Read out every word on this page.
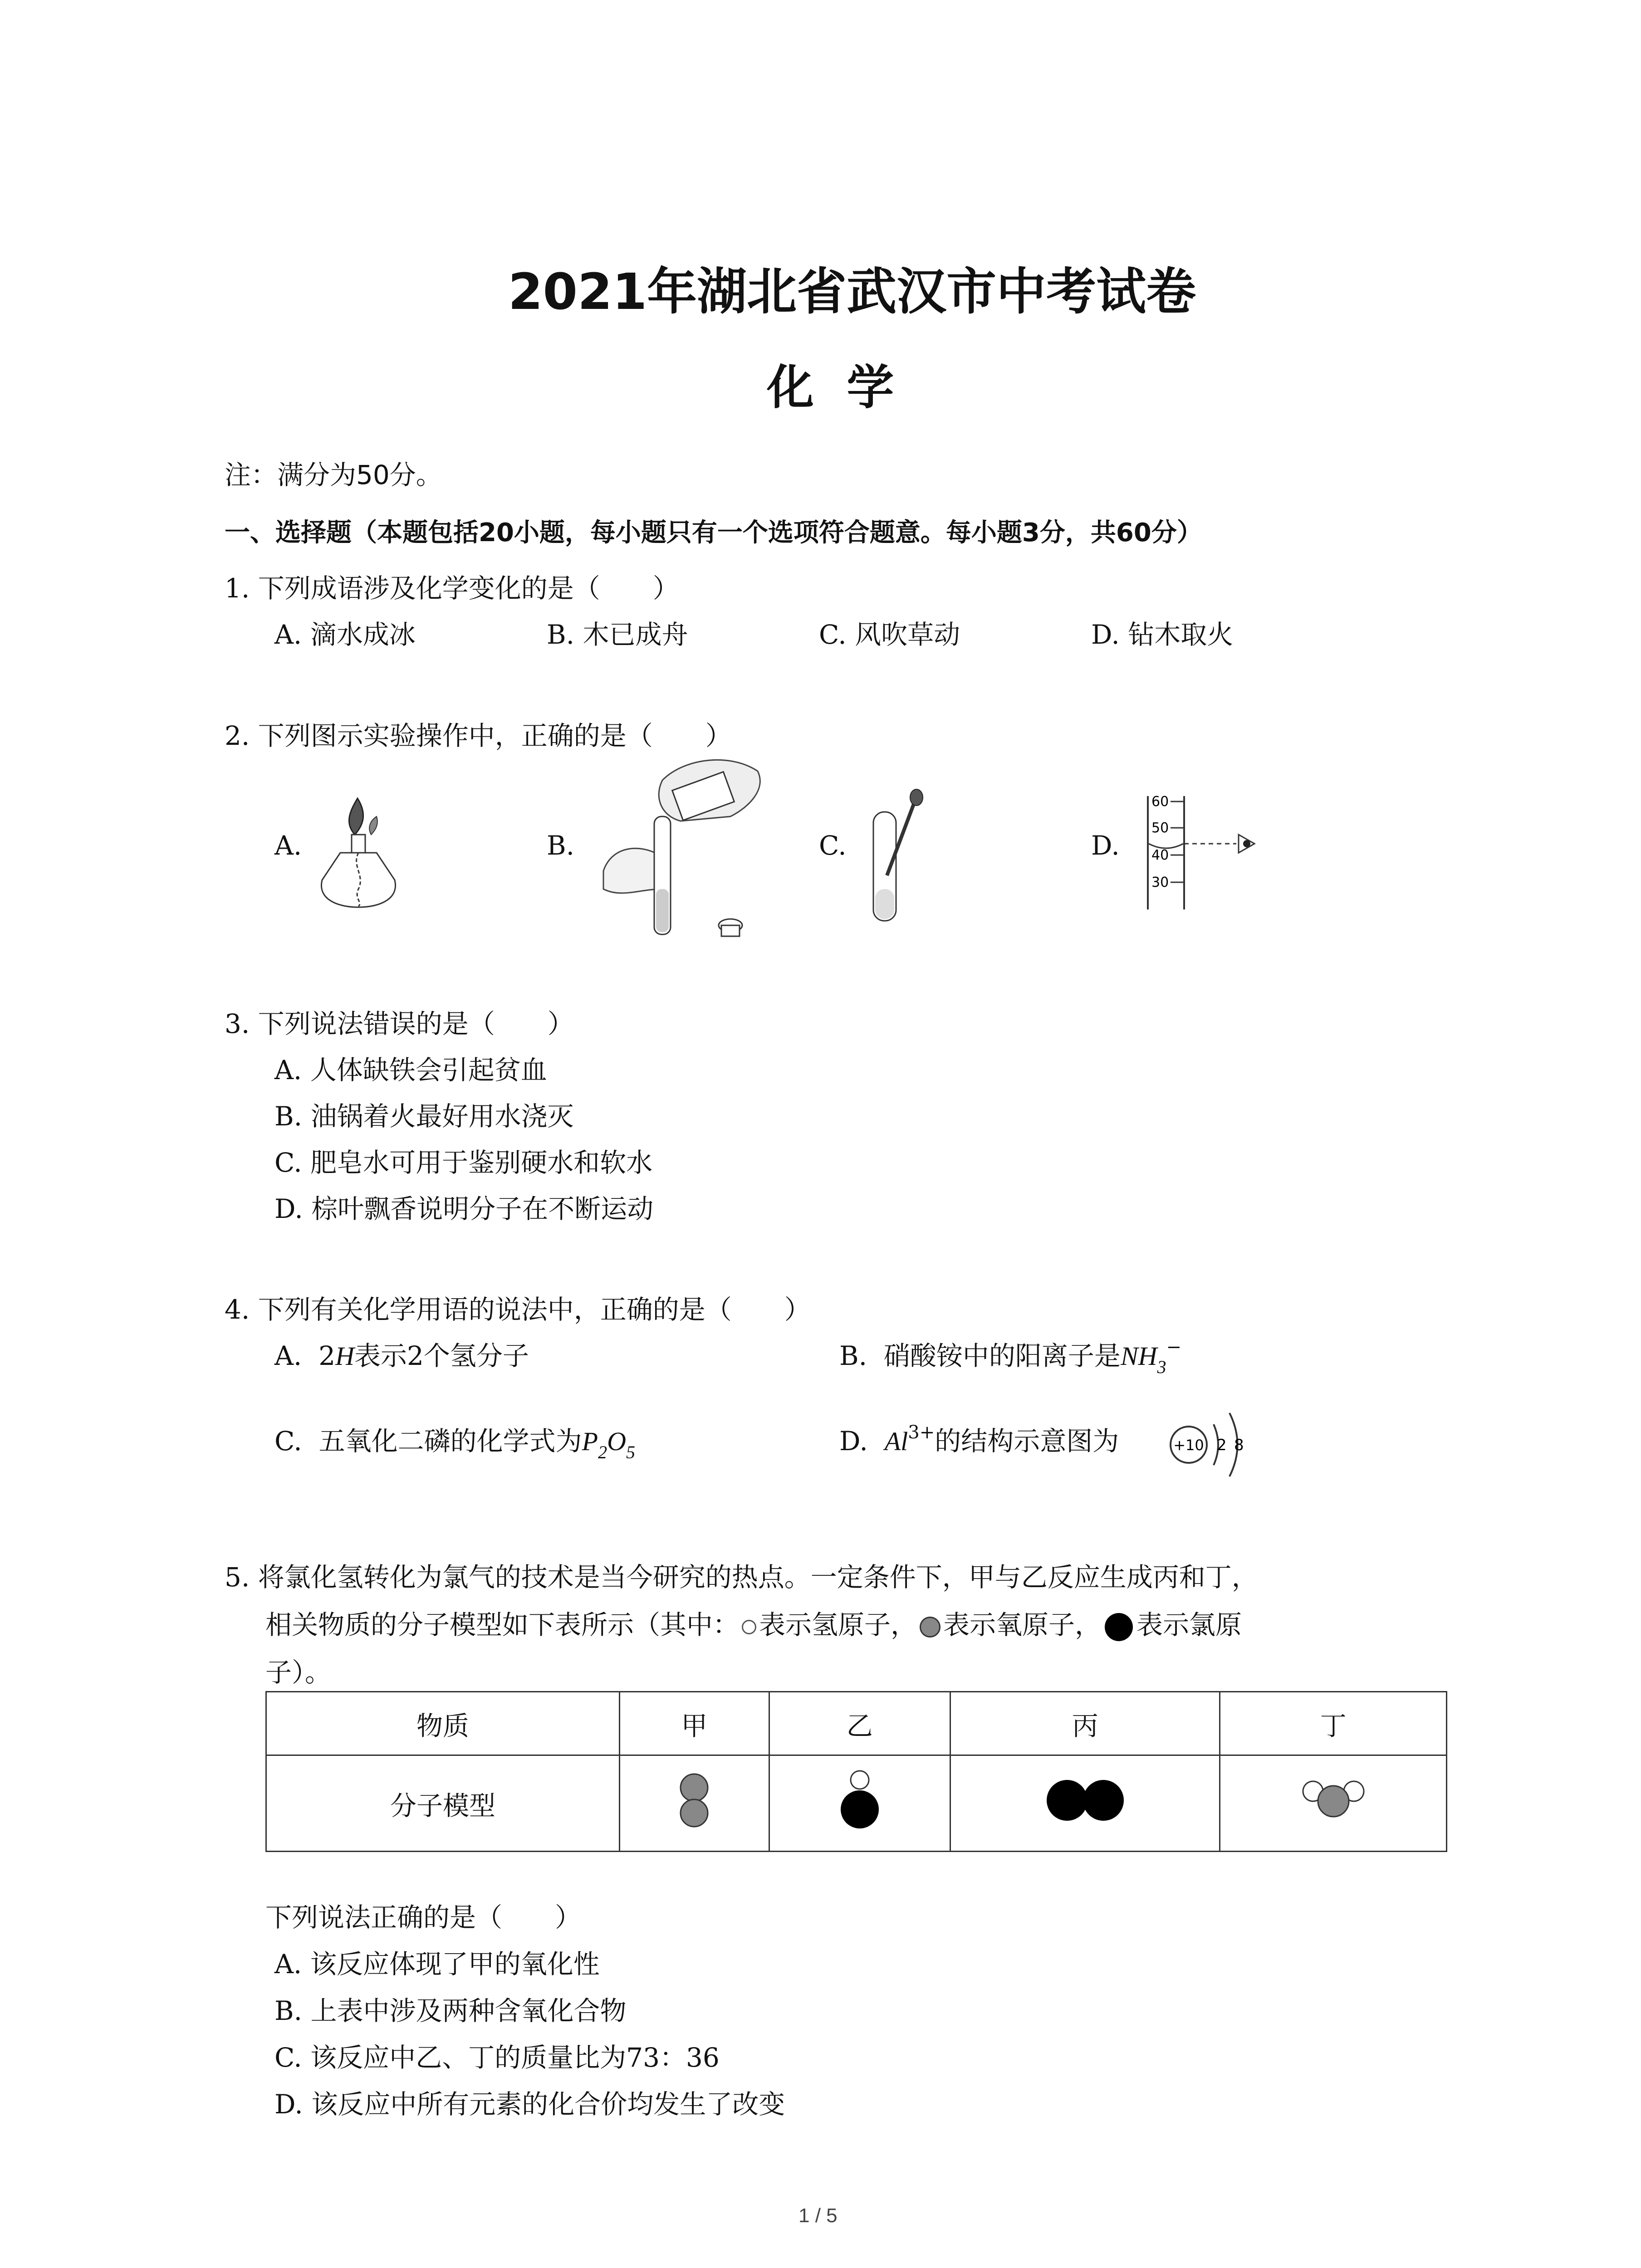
2021年湖北省武汉市中考试卷
化  学
注：满分为50分。
一、选择题（本题包括20小题，每小题只有一个选项符合题意。每小题3分，共60分）
1. 下列成语涉及化学变化的是（　　）
A. 滴水成冰	B. 木已成舟	C. 风吹草动	D. 钻木取火
2. 下列图示实验操作中，正确的是（　　）
A.	B.	C.	D.
60
50
40
30
3. 下列说法错误的是（　　）
A. 人体缺铁会引起贫血
B. 油锅着火最好用水浇灭
C. 肥皂水可用于鉴别硬水和软水
D. 棕叶飘香说明分子在不断运动
4. 下列有关化学用语的说法中，正确的是（　　）
A.  2H表示2个氢分子	B.  硝酸铵中的阳离子是$NH_3^-$
C.  五氧化二磷的化学式为$P_2O_5$	D.  $Al^{3+}$的结构示意图为	+10 2 8
5. 将氯化氢转化为氯气的技术是当今研究的热点。一定条件下，甲与乙反应生成丙和丁，
相关物质的分子模型如下表所示（其中： 表示氢原子， 表示氧原子， 表示氯原
子）。
物质	甲	乙	丙	丁
分子模型				
下列说法正确的是（　　）
A. 该反应体现了甲的氧化性
B. 上表中涉及两种含氧化合物
C. 该反应中乙、丁的质量比为73：36
D. 该反应中所有元素的化合价均发生了改变
1 / 5
